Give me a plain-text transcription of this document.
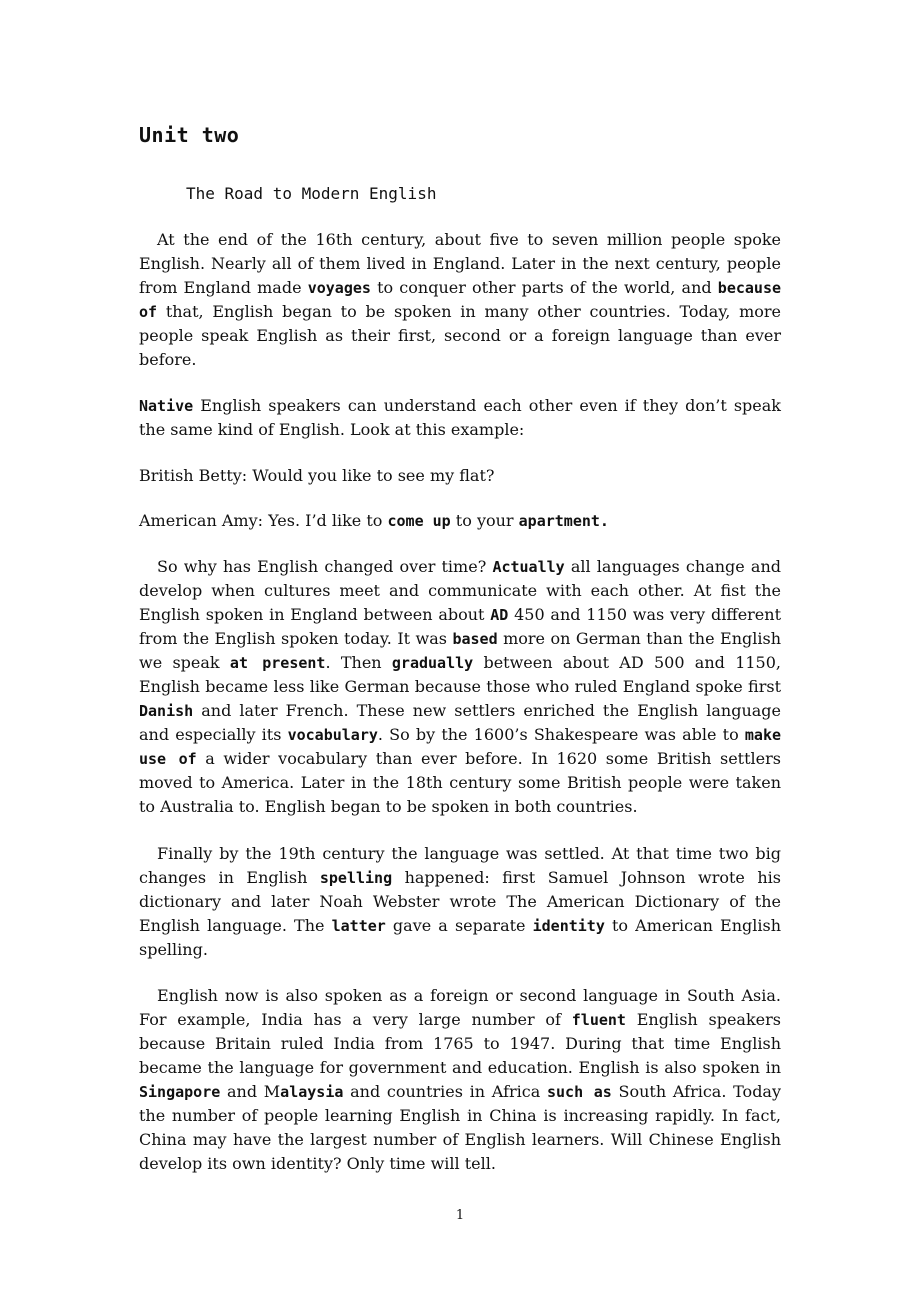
Unit two
The Road to Modern English

At the end of the 16th century, about five to seven million people spoke English. Nearly all of them lived in England. Later in the next century, people from England made voyages to conquer other parts of the world, and because of that, English began to be spoken in many other countries. Today, more people speak English as their first, second or a foreign language than ever before.

Native English speakers can understand each other even if they don’t speak the same kind of English. Look at this example:

British Betty: Would you like to see my flat?

American Amy: Yes. I’d like to come up to your apartment.

So why has English changed over time? Actually all languages change and develop when cultures meet and communicate with each other. At fist the English spoken in England between about AD 450 and 1150 was very different from the English spoken today. It was based more on German than the English we speak at present. Then gradually between about AD 500 and 1150, English became less like German because those who ruled England spoke first Danish and later French. These new settlers enriched the English language and especially its vocabulary. So by the 1600’s Shakespeare was able to make use of a wider vocabulary than ever before. In 1620 some British settlers moved to America. Later in the 18th century some British people were taken to Australia to. English began to be spoken in both countries.

Finally by the 19th century the language was settled. At that time two big changes in English spelling happened: first Samuel Johnson wrote his dictionary and later Noah Webster wrote The American Dictionary of the English language. The latter gave a separate identity to American English spelling.

English now is also spoken as a foreign or second language in South Asia. For example, India has a very large number of fluent English speakers because Britain ruled India from 1765 to 1947. During that time English became the language for government and education. English is also spoken in Singapore and Malaysia and countries in Africa such as South Africa. Today the number of people learning English in China is increasing rapidly. In fact, China may have the largest number of English learners. Will Chinese English develop its own identity? Only time will tell.

1
